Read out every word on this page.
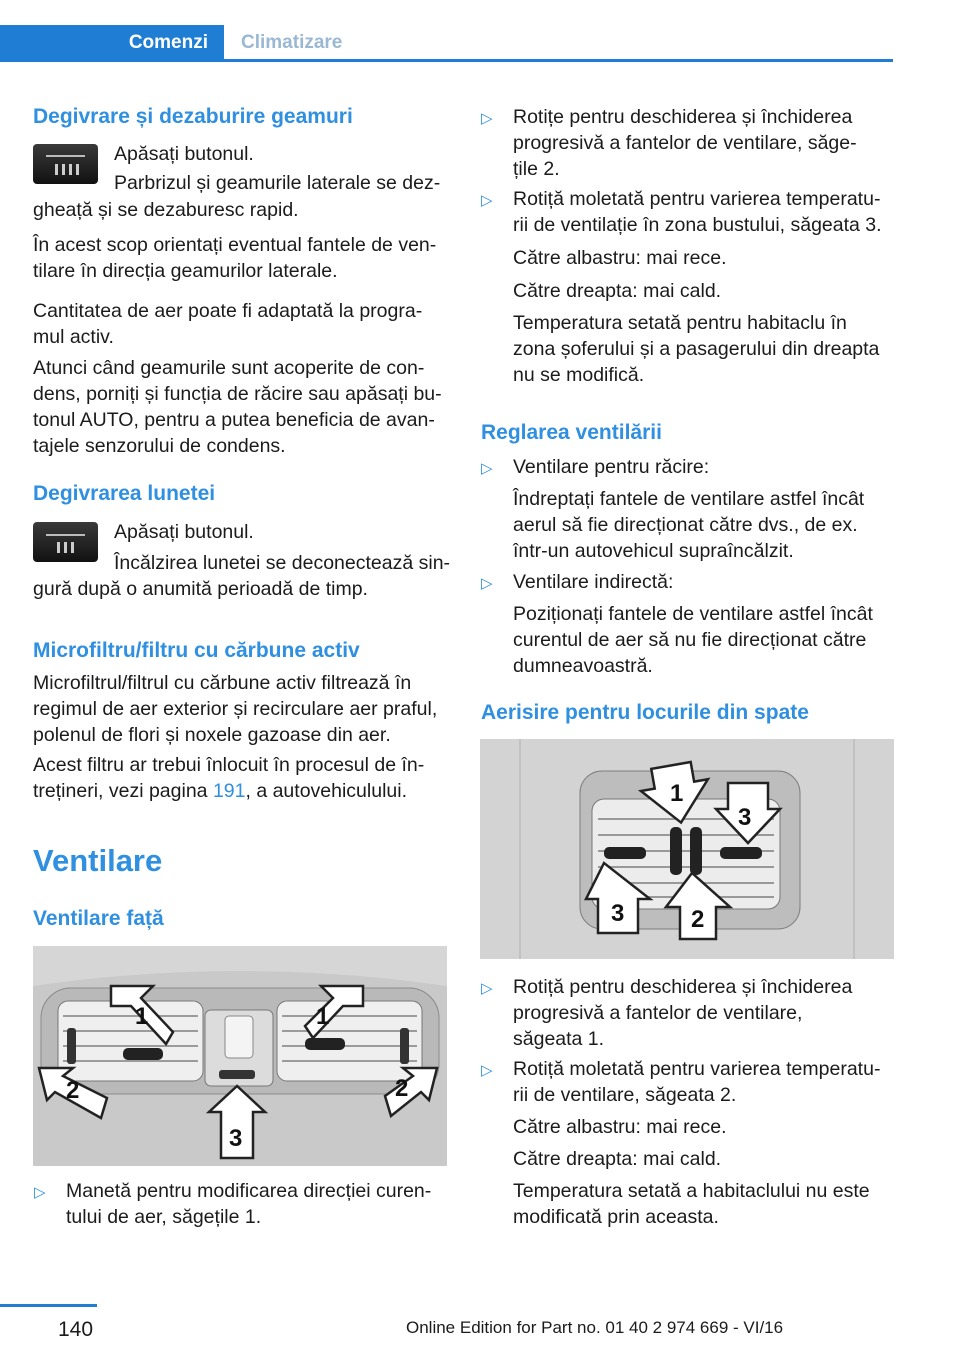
Comenzi	Climatizare
Degivrare și dezaburire geamuri
Apăsați butonul.
Parbrizul și geamurile laterale se dez‐
gheață și se dezaburesc rapid.
În acest scop orientați eventual fantele de ven‐
tilare în direcția geamurilor laterale.
Cantitatea de aer poate fi adaptată la progra‐
mul activ.
Atunci când geamurile sunt acoperite de con‐
dens, porniți și funcția de răcire sau apăsați bu‐
tonul AUTO, pentru a putea beneficia de avan‐
tajele senzorului de condens.
Degivrarea lunetei
Apăsați butonul.
Încălzirea lunetei se deconectează sin‐
gură după o anumită perioadă de timp.
Microfiltru/filtru cu cărbune activ
Microfiltrul/filtrul cu cărbune activ filtrează în
regimul de aer exterior și recirculare aer praful,
polenul de flori și noxele gazoase din aer.
Acest filtru ar trebui înlocuit în procesul de în‐
trețineri, vezi pagina 191, a autovehiculului.
Ventilare
Ventilare față
1	1
2	2
3
▷ Manetă pentru modificarea direcției curen‐
tului de aer, săgețile 1.
▷ Rotițe pentru deschiderea și închiderea
progresivă a fantelor de ventilare, săge‐
țile 2.
▷ Rotiță moletată pentru varierea temperatu‐
rii de ventilație în zona bustului, săgeata 3.
Către albastru: mai rece.
Către dreapta: mai cald.
Temperatura setată pentru habitaclu în
zona șoferului și a pasagerului din dreapta
nu se modifică.
Reglarea ventilării
▷ Ventilare pentru răcire:
Îndreptați fantele de ventilare astfel încât
aerul să fie direcționat către dvs., de ex.
într-un autovehicul supraîncălzit.
▷ Ventilare indirectă:
Poziționați fantele de ventilare astfel încât
curentul de aer să nu fie direcționat către
dumneavoastră.
Aerisire pentru locurile din spate
1
3
3	2
▷ Rotiță pentru deschiderea și închiderea
progresivă a fantelor de ventilare,
săgeata 1.
▷ Rotiță moletată pentru varierea temperatu‐
rii de ventilare, săgeata 2.
Către albastru: mai rece.
Către dreapta: mai cald.
Temperatura setată a habitaclului nu este
modificată prin aceasta.
140	Online Edition for Part no. 01 40 2 974 669 - VI/16
